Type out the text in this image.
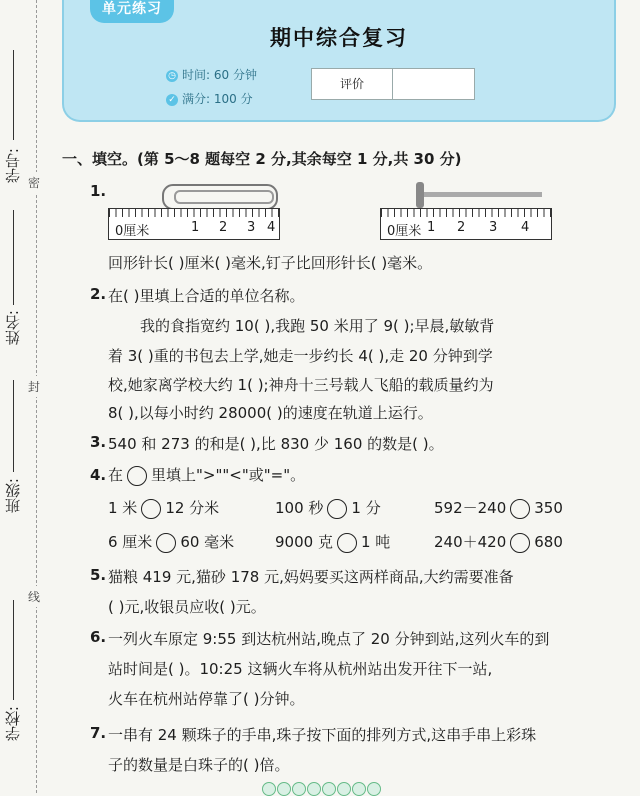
学号:
姓名:
班级:
学校:
密
封
线
单元练习
期中综合复习
◷ 时间: 60 分钟
✓ 满分: 100 分
评价
一、填空。(第 5～8 题每空 2 分,其余每空 1 分,共 30 分)
1.
0厘米	1 2 3 4	0厘米 1 2 3 4
回形针长( )厘米( )毫米,钉子比回形针长( )毫米。
2. 在( )里填上合适的单位名称。
我的食指宽约 10( ),我跑 50 米用了 9( );早晨,敏敏背
着 3( )重的书包去上学,她走一步约长 4( ),走 20 分钟到学
校,她家离学校大约 1( );神舟十三号载人飞船的载质量约为
8( ),以每小时约 28000( )的速度在轨道上运行。
3. 540 和 273 的和是( ),比 830 少 160 的数是( )。
4. 在 里填上">""<"或"="。
1 米 12 分米	100 秒 1 分	592－240 350
6 厘米 60 毫米	9000 克 1 吨	240＋420 680
5. 猫粮 419 元,猫砂 178 元,妈妈要买这两样商品,大约需要准备
( )元,收银员应收( )元。
6. 一列火车原定 9:55 到达杭州站,晚点了 20 分钟到站,这列火车的到
站时间是( )。10:25 这辆火车将从杭州站出发开往下一站,
火车在杭州站停靠了( )分钟。
7. 一串有 24 颗珠子的手串,珠子按下面的排列方式,这串手串上彩珠
子的数量是白珠子的( )倍。
